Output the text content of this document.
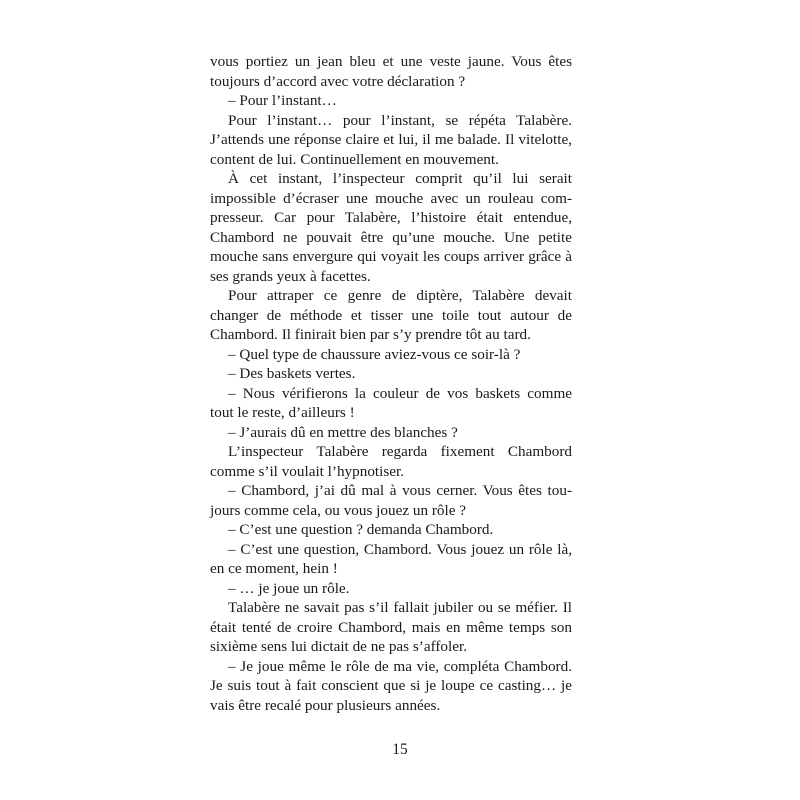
vous portiez un jean bleu et une veste jaune. Vous êtes toujours d’accord avec votre déclaration ?

– Pour l’instant…

Pour l’instant… pour l’instant, se répéta Talabère. J’attends une réponse claire et lui, il me balade. Il vitelotte, content de lui. Continuellement en mouvement.

À cet instant, l’inspecteur comprit qu’il lui serait impossible d’écraser une mouche avec un rouleau compresseur. Car pour Talabère, l’histoire était entendue, Chambord ne pouvait être qu’une mouche. Une petite mouche sans envergure qui voyait les coups arriver grâce à ses grands yeux à facettes.

Pour attraper ce genre de diptère, Talabère devait changer de méthode et tisser une toile tout autour de Chambord. Il finirait bien par s’y prendre tôt au tard.

– Quel type de chaussure aviez-vous ce soir-là ?

– Des baskets vertes.

– Nous vérifierons la couleur de vos baskets comme tout le reste, d’ailleurs !

– J’aurais dû en mettre des blanches ?

L’inspecteur Talabère regarda fixement Chambord comme s’il voulait l’hypnotiser.

– Chambord, j’ai dû mal à vous cerner. Vous êtes toujours comme cela, ou vous jouez un rôle ?

– C’est une question ? demanda Chambord.

– C’est une question, Chambord. Vous jouez un rôle là, en ce moment, hein !

– … je joue un rôle.

Talabère ne savait pas s’il fallait jubiler ou se méfier. Il était tenté de croire Chambord, mais en même temps son sixième sens lui dictait de ne pas s’affoler.

– Je joue même le rôle de ma vie, compléta Chambord. Je suis tout à fait conscient que si je loupe ce casting… je vais être recalé pour plusieurs années.

15
